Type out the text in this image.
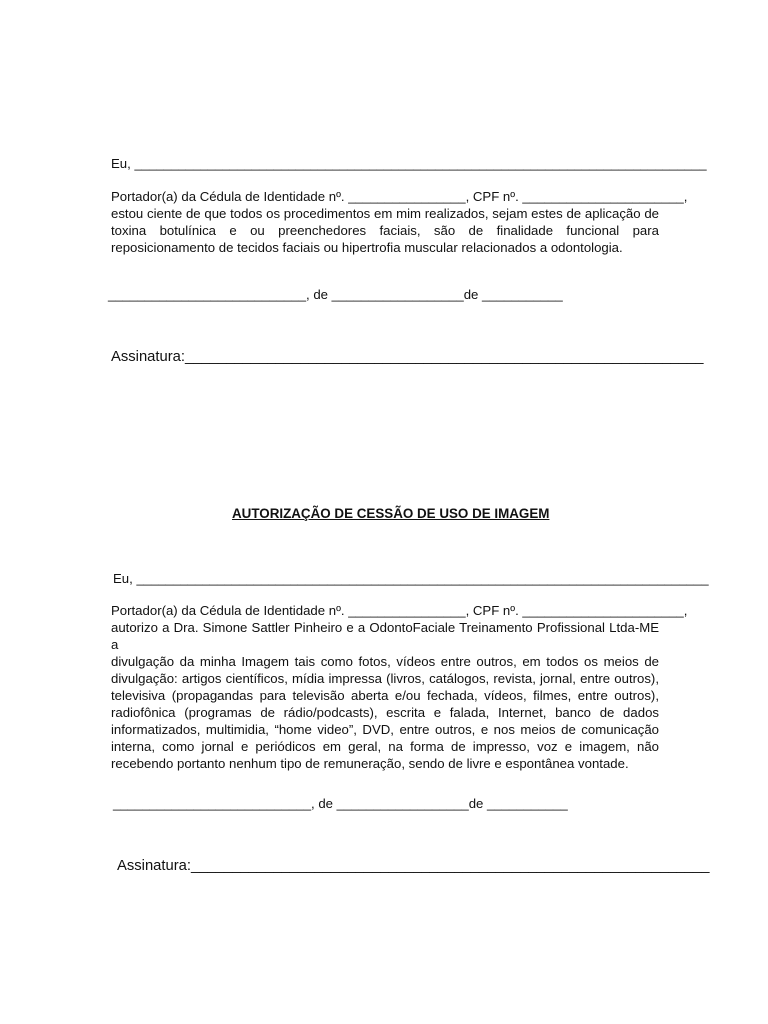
Eu, ______________________________________________________________________________
Portador(a) da Cédula de Identidade nº. ________________, CPF nº. ______________________,
estou ciente de que todos os procedimentos em mim realizados, sejam estes de aplicação de
toxina botulínica e ou preenchedores faciais, são de finalidade funcional para
reposicionamento de tecidos faciais ou hipertrofia muscular relacionados a odontologia.
___________________________, de __________________de ___________
Assinatura:_______________________________________________________________
AUTORIZAÇÃO DE CESSÃO DE USO DE IMAGEM
Eu, ______________________________________________________________________________
Portador(a) da Cédula de Identidade nº. ________________, CPF nº. ______________________,
autorizo a Dra. Simone Sattler Pinheiro e a OdontoFaciale Treinamento Profissional Ltda-ME a
divulgação da minha Imagem tais como fotos, vídeos entre outros, em todos os meios de
divulgação: artigos científicos, mídia impressa (livros, catálogos, revista, jornal, entre outros),
televisiva (propagandas para televisão aberta e/ou fechada, vídeos, filmes, entre outros),
radiofônica (programas de rádio/podcasts), escrita e falada, Internet, banco de dados
informatizados, multimidia, “home video”, DVD, entre outros, e nos meios de comunicação
interna, como jornal e periódicos em geral, na forma de impresso, voz e imagem, não
recebendo portanto nenhum tipo de remuneração, sendo de livre e espontânea vontade.
___________________________, de __________________de ___________
Assinatura:_______________________________________________________________
